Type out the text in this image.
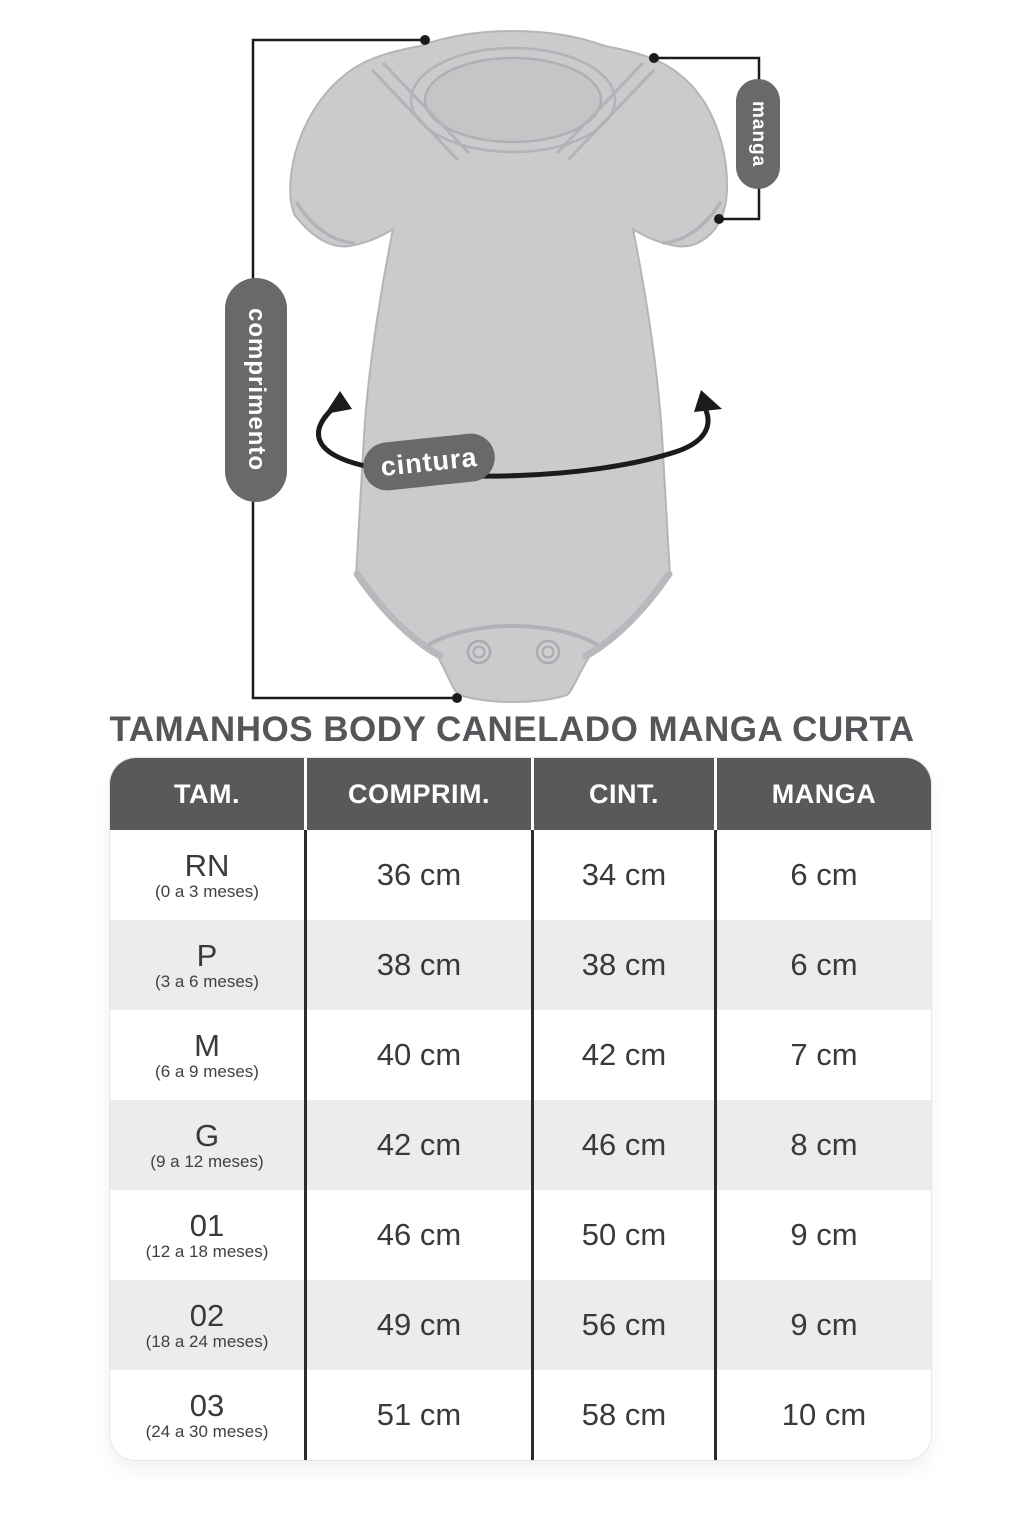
comprimento
manga
cintura
TAMANHOS BODY CANELADO MANGA CURTA
TAM.	COMPRIM.	CINT.	MANGA
RN
(0 a 3 meses)	36 cm	34 cm	6 cm
P
(3 a 6 meses)	38 cm	38 cm	6 cm
M
(6 a 9 meses)	40 cm	42 cm	7 cm
G
(9 a 12 meses)	42 cm	46 cm	8 cm
01
(12 a 18 meses)	46 cm	50 cm	9 cm
02
(18 a 24 meses)	49 cm	56 cm	9 cm
03
(24 a 30 meses)	51 cm	58 cm	10 cm
